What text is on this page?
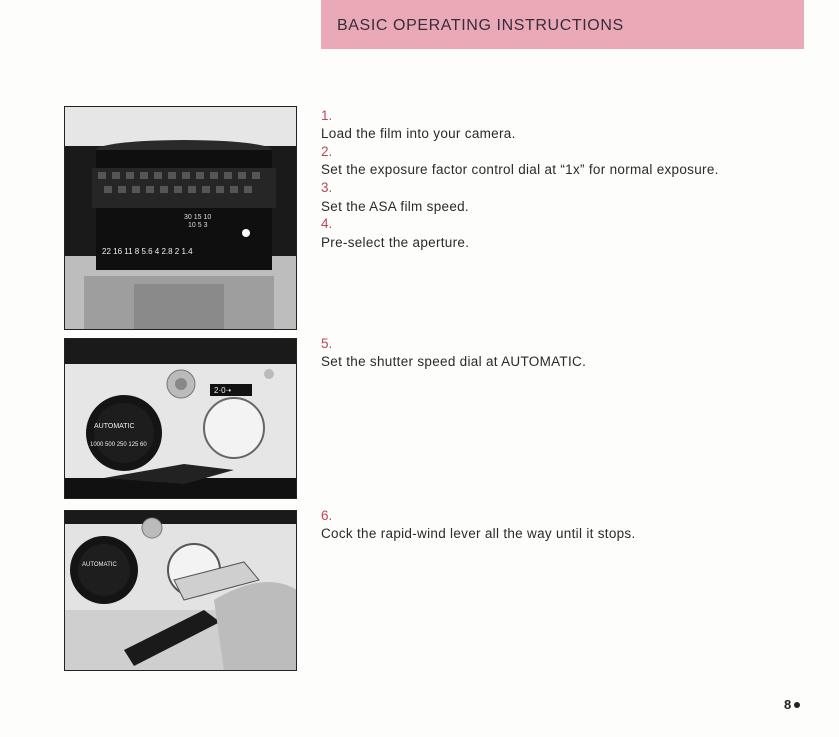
BASIC OPERATING INSTRUCTIONS
30 15 10
10 5 3
22 16 11 8 5.6 4 2.8 2 1.4
AUTOMATIC
1000 500 250 125 60
2·0·•
AUTOMATIC
1.
Load the film into your camera.
2.
Set the exposure factor control dial at “1x” for normal exposure.
3.
Set the ASA film speed.
4.
Pre-select the aperture.
5.
Set the shutter speed dial at AUTOMATIC.
6.
Cock the rapid-wind lever all the way until it stops.
8
